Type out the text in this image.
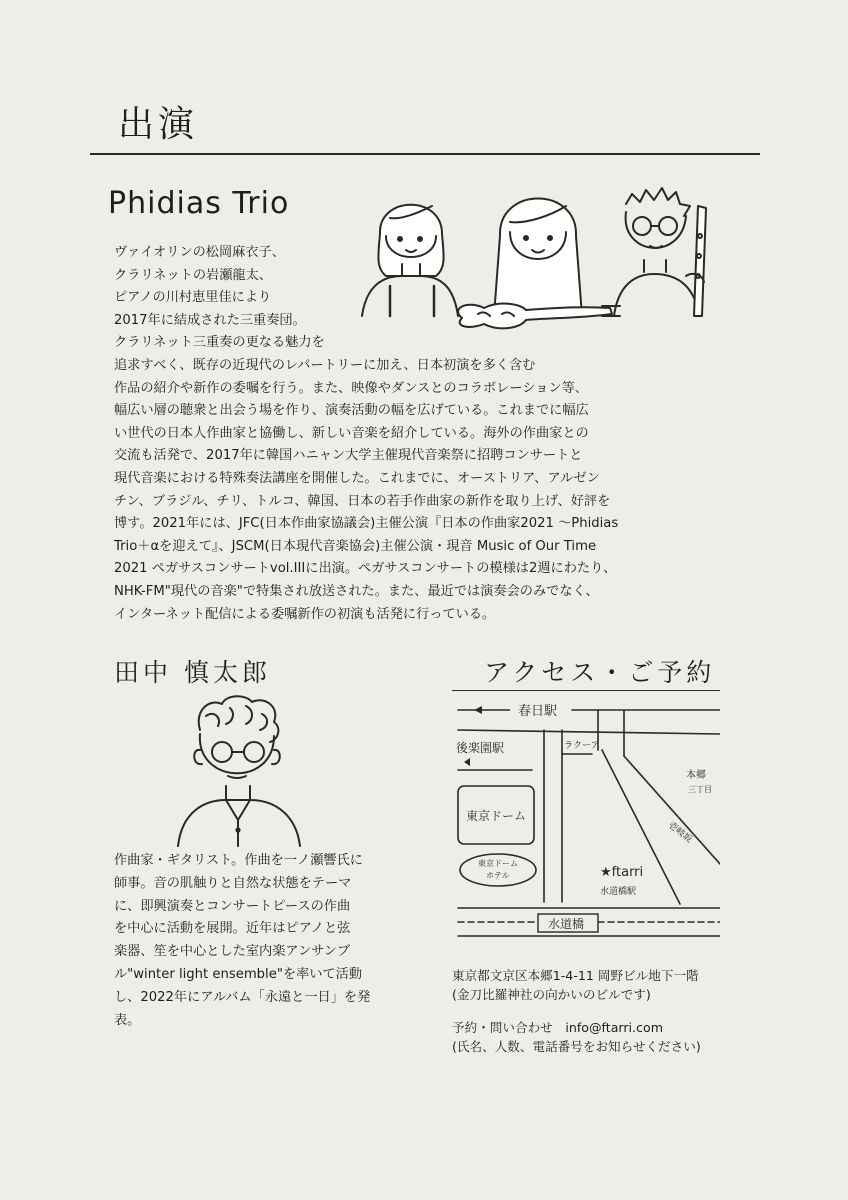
出演
Phidias Trio
ヴァイオリンの松岡麻衣子、
クラリネットの岩瀬龍太、
ピアノの川村恵里佳により
2017年に結成された三重奏団。
クラリネット三重奏の更なる魅力を
追求すべく、既存の近現代のレパートリーに加え、日本初演を多く含む
作品の紹介や新作の委嘱を行う。また、映像やダンスとのコラボレーション等、
幅広い層の聴衆と出会う場を作り、演奏活動の幅を広げている。これまでに幅広
い世代の日本人作曲家と協働し、新しい音楽を紹介している。海外の作曲家との
交流も活発で、2017年に韓国ハニャン大学主催現代音楽祭に招聘コンサートと
現代音楽における特殊奏法講座を開催した。これまでに、オーストリア、アルゼン
チン、ブラジル、チリ、トルコ、韓国、日本の若手作曲家の新作を取り上げ、好評を
博す。2021年には、JFC(日本作曲家協議会)主催公演『日本の作曲家2021 〜Phidias
Trio＋αを迎えて』、JSCM(日本現代音楽協会)主催公演・現音 Music of Our Time
2021 ペガサスコンサートvol.IIIに出演。ペガサスコンサートの模様は2週にわたり、
NHK-FM"現代の音楽"で特集され放送された。また、最近では演奏会のみでなく、
インターネット配信による委嘱新作の初演も活発に行っている。
田中 慎太郎
作曲家・ギタリスト。作曲を一ノ瀬響氏に
師事。音の肌触りと自然な状態をテーマ
に、即興演奏とコンサートピースの作曲
を中心に活動を展開。近年はピアノと弦
楽器、笙を中心とした室内楽アンサンブ
ル"winter light ensemble"を率いて活動
し、2022年にアルバム「永遠と一日」を発
表。
アクセス・ご予約
春日駅
後楽園駅	ラクーア
東京ドーム
本郷
三丁目
壱岐坂
東京ドーム
ホテル	★ftarri
水道橋駅
水道橋
東京都文京区本郷1-4-11 岡野ビル地下一階
(金刀比羅神社の向かいのビルです)
予約・問い合わせ　info@ftarri.com
(氏名、人数、電話番号をお知らせください)
